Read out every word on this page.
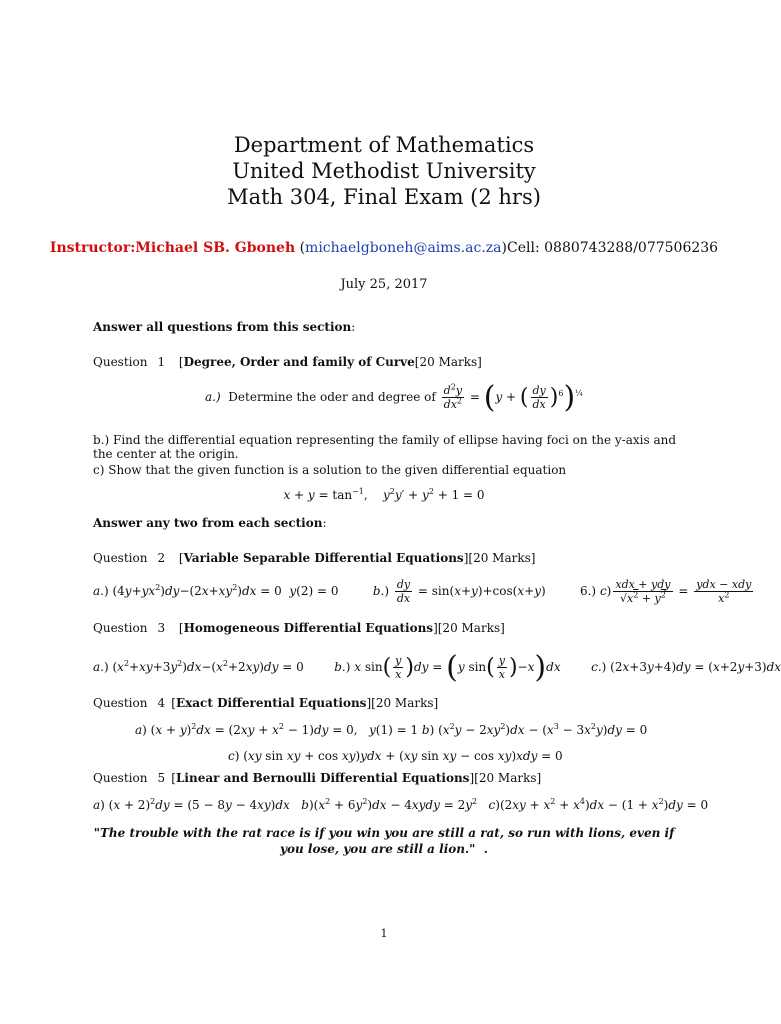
Department of Mathematics
United Methodist University
Math 304, Final Exam (2 hrs)
Instructor:Michael SB. Gboneh (michaelgboneh@aims.ac.za)Cell: 0880743288/077506236
July 25, 2017
Answer all questions from this section:
Question 1  [Degree, Order and family of Curve[20 Marks]
a.) Determine the oder and degree of $\frac{d^2y}{dx^2} = (y$ + ( $\frac{dy}{dx} )^6)^{\frac{1}{4}}$
b.) Find the differential equation representing the family of ellipse having foci on the y-axis and the center at the origin.
c) Show that the given function is a solution to the given differential equation
$x + y = \tan^{-1}$,    $y^2y' + y^2 + 1 = 0$
Answer any two from each section:
Question 2  [Variable Separable Differential Equations][20 Marks]
a.) $(4y+yx^2)dy-(2x+xy^2)dx = 0$  y(2) = 0         $b.) \frac{dy}{dx} = \sin(x+y)+\cos(x+y)$         6.) $c) \frac{\text{xdx + ydy}}{√x^2 + y^2} = \frac{\text{ydx − xdy}}{x^2}$
Question 3  [Homogeneous Differential Equations][20 Marks]
a.) $(x^2+xy+3y^2)dx-(x^2+2xy)dy = 0$        b.) x $\sin( \frac{y}{x} )dy = (y$ $\sin( \frac{y}{x} )-x)dx$	c.) (2x+3y+4)dy = (x+2y+3)dx
Question 4 [Exact Differential Equations][20 Marks]
a) $(x + y)^2dx = (2xy + x^2 - 1)dy = 0$,   y(1) = 1 b) $(x^2y - 2xy^2)dx - (x^3 - 3x^2y)dy = 0$
c) (xy sin xy + cos xy)ydx + (xy sin xy − cos xy)xdy = 0
Question 5 [Linear and Bernoulli Differential Equations][20 Marks]
a) $(x + 2)^2dy = (5 - 8y - 4xy)dx$ $b)(x^2 + 6y^2)dx$ − 4xydy = $2y^2$ $c)(2xy + x^2 + x^4)dx - (1 + x^2)dy = 0$
"The trouble with the rat race is if you win you are still a rat, so run with lions, even if you lose, you are still a lion."  .
1
